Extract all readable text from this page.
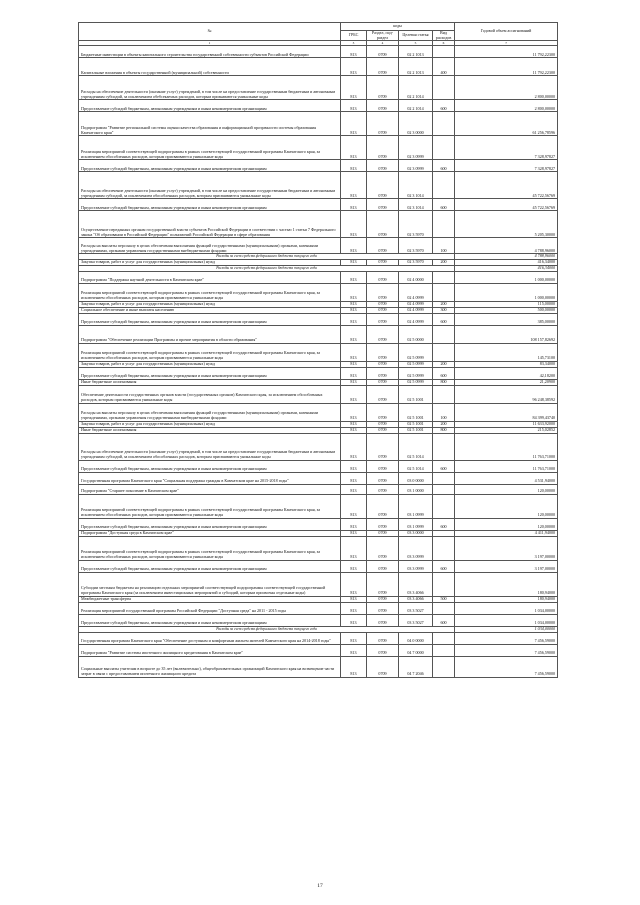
№	коды				Годовой объем ассигнований
	ГРБС	Раздел, под-раздел	Целевая статья	Вид расходов	
1	3	4	5	6	7
Бюджетные инвестиции в объекты капитального строительства государственной собственности субъектов Российской Федерации	813	0709	02 2 1013		11 792,22300
Капитальные вложения в объекты государственной (муниципальной) собственности	813	0709	02 2 1013	400	11 792,22300
Расходы на обеспечение деятельности (оказание услуг) учреждений, в том числе на предоставление государственным бюджетным и автономным учреждениям субсидий, за исключением обебсекаемых расходов, которым признаваются уникальные коды	813	0709	02 2 1014		2 800,00000
Предоставление субсидий бюджетным, автономным учреждениям и иным некоммерческим организациям	813	0709	02 2 1014	600	2 800,00000
Подпрограмма "Развитие региональной системы оценки качества образования и информационной прозрачности системы образования Камчатского края"	813	0709	02 3 0000		61 256,78596
Реализация мероприятий соответствующей подпрограммы в рамках соответствующей государственной программы Камчатского края, за исключением обособленных расходов, которым присваиваются уникальные коды	813	0709	02 3 0999		7 328,97827
Предоставление субсидий бюджетным, автономным учреждениям и иным некоммерческим организациям	813	0709	02 3 0999	600	7 328,97827
Расходы на обеспечение деятельности (оказание услуг) учреждений, в том числе на предоставление государственным бюджетным и автономным учреждениям субсидий, за исключением обособленных расходов, которым присваиваются уникальные коды	813	0709	02 3 1014		45 722,56769
Предоставление субсидий бюджетным, автономным учреждениям и иным некоммерческим организациям	813	0709	02 3 1014	600	45 722,56769
Осуществление переданных органам государственной власти субъектов Российской Федерации в соответствии с частью 1 статьи 7 Федерального закона "Об образовании в Российской Федерации" полномочий Российской Федерации в сфере образования	813	0709	02 3 5970		5 205,30000
Расходы на выплаты персоналу в целях обеспечения выполнения функций государственными (муниципальными) органами, казенными учреждениями, органами управления государственными внебюджетными фондами	813	0709	02 3 5970	100	4 788,96000
Расходы за счет средств федерального бюджета текущего года					4 788,96000
Закупка товаров, работ и услуг для государственных (муниципальных) нужд	813	0709	02 3 5970	200	416,34000
Расходы за счет средств федерального бюджета текущего года					416,34000
Подпрограмма "Поддержка научной деятельности в Камчатском крае"	813	0709	02 4 0000		1 000,00000
Реализация мероприятий соответствующей подпрограммы в рамках соответствующей государственной программы Камчатского края, за исключением обособленных расходов, которым присваиваются уникальные коды	813	0709	02 4 0999		1 000,00000
Закупка товаров, работ и услуг для государственных (муниципальных) нужд	813	0709	02 4 0999	200	115,00000
Социальное обеспечение и иные выплаты населению	813	0709	02 4 0999	300	500,00000
Предоставление субсидий бюджетным, автономным учреждениям и иным некоммерческим организациям	813	0709	02 4 0999	600	385,00000
Подпрограмма "Обеспечение реализации Программы и прочие мероприятия в области образования"	813	0709	02 5 0000		108 157,82692
Реализация мероприятий соответствующей подпрограммы в рамках соответствующей государственной программы Камчатского края, за исключением обособленных расходов, которым присваиваются уникальные коды	813	0709	02 5 0999		145,73100
Закупка товаров, работ и услуг для государственных (муниципальных) нужд	813	0709	02 5 0999	200	83,34000
Предоставление субсидий бюджетным, автономным учреждениям и иным некоммерческим организациям	813	0709	02 5 0999	600	42,18200
Иные бюджетные ассигнования	813	0709	02 5 0999	800	21,20900
Обеспечение деятельности государственных органов власти (государственных органов) Камчатского края, за исключением обособленных расходов, которым присваиваются уникальные коды	813	0709	02 5 1001		96 248,38592
Расходы на выплаты персоналу в целях обеспечения выполнения функций государственными (муниципальными) органами, казенными учреждениями, органами управления государственными внебюджетными фондами	813	0709	02 5 1001	100	84 399,43740
Закупка товаров, работ и услуг для государственных (муниципальных) нужд	813	0709	02 5 1001	200	11 633,92000
Иные бюджетные ассигнования	813	0709	02 5 1001	800	215,02852
Расходы на обеспечение деятельности (оказание услуг) учреждений, в том числе на предоставление государственным бюджетным и автономным учреждениям субсидий, за исключением обособленных расходов, которым присваиваются уникальные коды	813	0709	02 5 1014		11 763,71000
Предоставление субсидий бюджетным, автономным учреждениям и иным некоммерческим организациям	813	0709	02 5 1014	600	11 763,71000
Государственная программа Камчатского края "Социальная поддержка граждан в Камчатском крае на 2015-2018 годы"	813	0709	03 0 0000		4 531,94000
Подпрограмма "Старшее поколение в Камчатском крае"	813	0709	03 1 0000		120,00000
Реализация мероприятий соответствующей подпрограммы в рамках соответствующей государственной программы Камчатского края, за исключением обособленных расходов, которым присваиваются уникальные коды	813	0709	03 1 0999		120,00000
Предоставление субсидий бюджетным, автономным учреждениям и иным некоммерческим организациям	813	0709	03 1 0999	600	120,00000
Подпрограмма "Доступная среда в Камчатском крае"	813	0709	03 3 0000		4 411,94000
Реализация мероприятий соответствующей подпрограммы в рамках соответствующей государственной программы Камчатского края, за исключением обособленных расходов, которым присваиваются уникальные коды	813	0709	03 3 0999		3 197,00000
Предоставление субсидий бюджетным, автономным учреждениям и иным некоммерческим организациям	813	0709	03 3 0999	600	3 197,00000
Субсидии местным бюджетам на реализацию отдельных мероприятий соответствующей подпрограммы соответствующей государственной программы Камчатского края (за исключением инвестиционных мероприятий и субсидий, которым присвоены отдельные коды)	813	0709	03 3 4066		180,94000
Межбюджетные трансферты	813	0709	03 3 4066	500	180,94000
Реализация мероприятий государственной программы Российской Федерации "Доступная среда" на 2011 - 2015 годы	813	0709	03 3 5027		1 034,00000
Предоставление субсидий бюджетным, автономным учреждениям и иным некоммерческим организациям	813	0709	03 3 5027	600	1 034,00000
Расходы за счет средств федерального бюджета текущего года					1 034,00000
Государственная программа Камчатского края "Обеспечение доступным и комфортным жильем жителей Камчатского края на 2014-2018 годы"	813	0709	04 0 0000		7 456,59000
Подпрограмма "Развитие системы ипотечного жилищного кредитования в Камчатском крае"	813	0709	04 7 0000		7 456,59000
Социальные выплаты учителям в возрасте до 35 лет (включительно), общеобразовательных организаций Камчатского края на возмещение части затрат в связи с предоставлением ипотечного жилищного кредита	813	0709	04 7 2046		7 456,59000
17
